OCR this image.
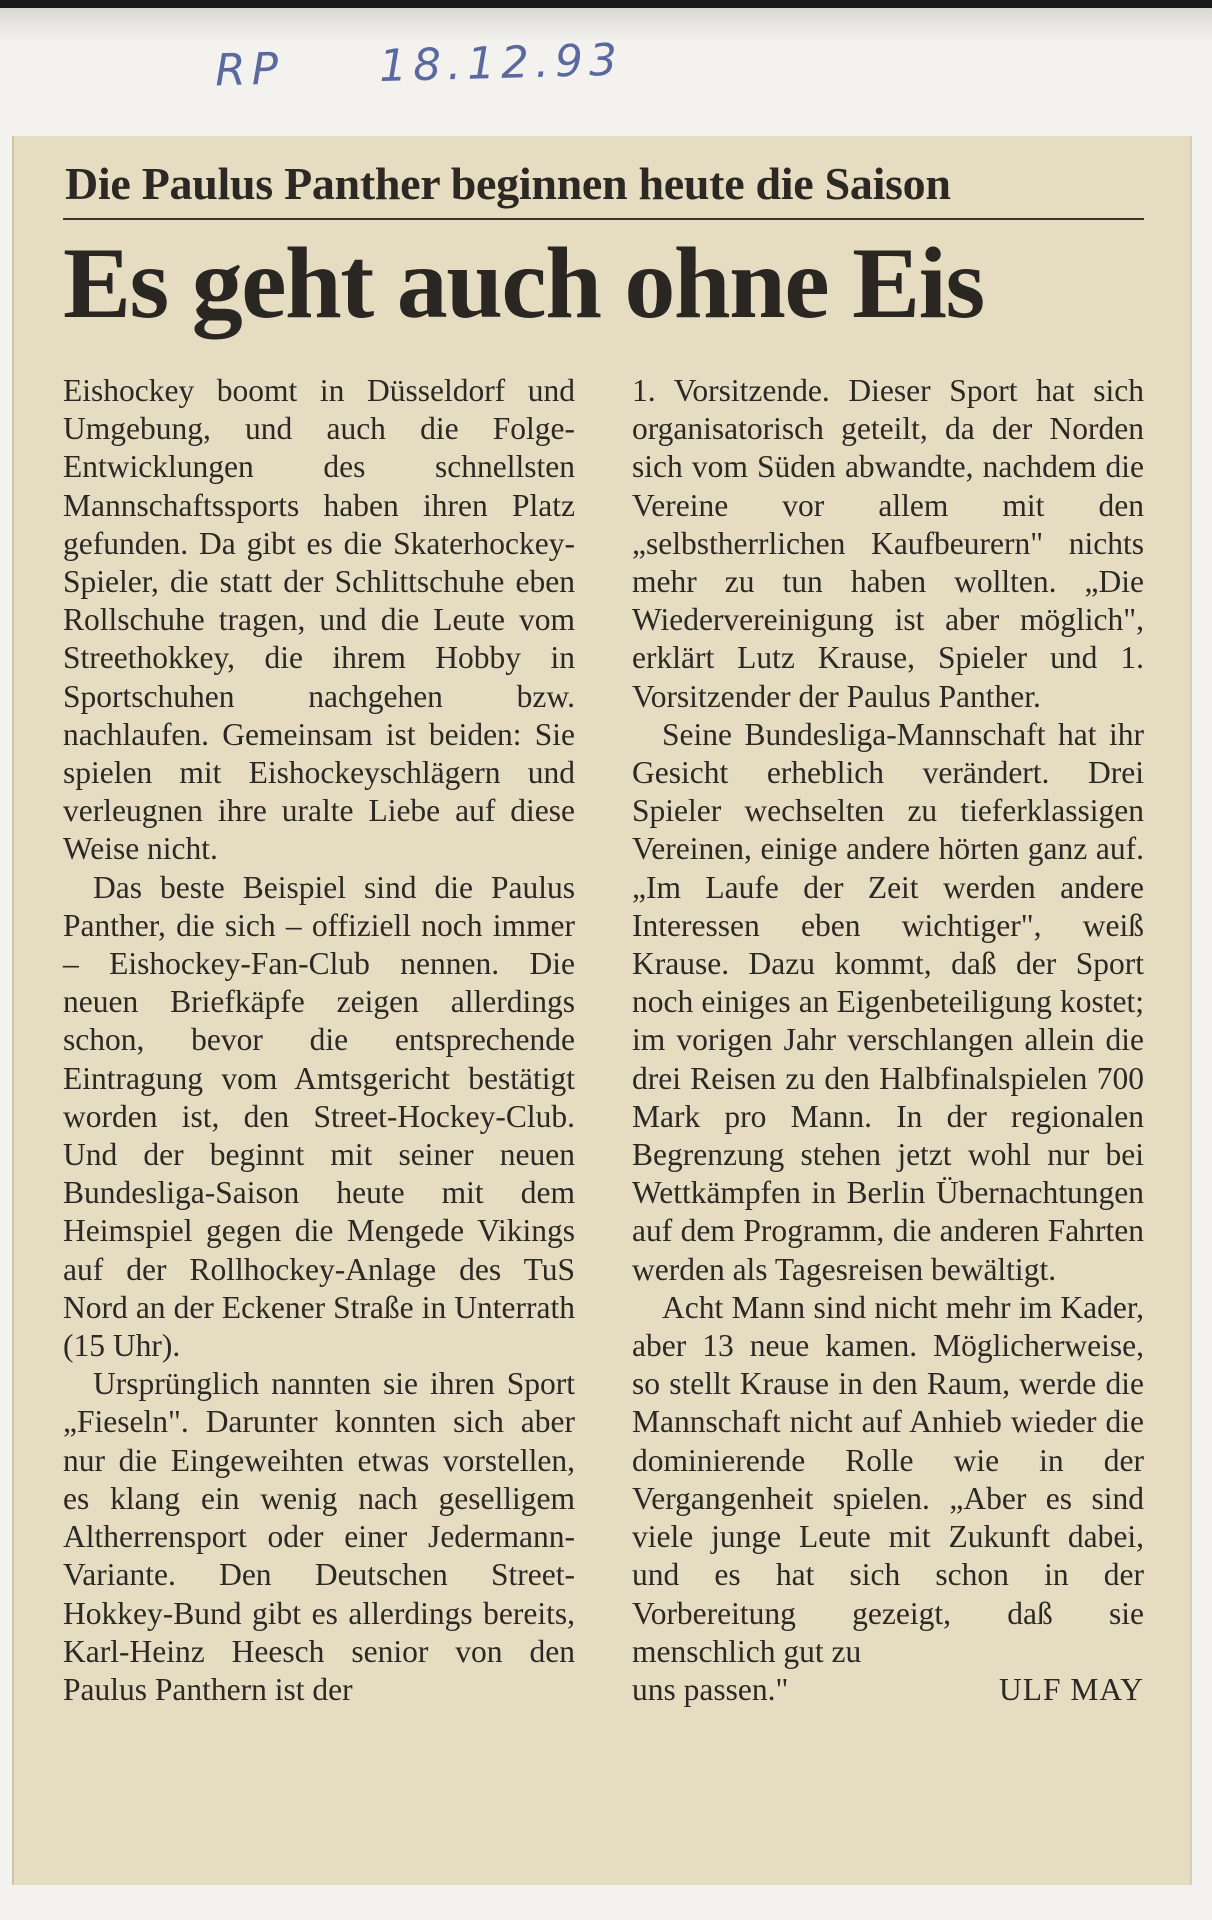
RP 18.12.93
Die Paulus Panther beginnen heute die Saison
Es geht auch ohne Eis

Eishockey boomt in Düsseldorf und Umgebung, und auch die Folge-Entwicklungen des schnellsten Mannschaftssports haben ihren Platz gefunden. Da gibt es die Skaterhockey-Spieler, die statt der Schlittschuhe eben Rollschuhe tragen, und die Leute vom Streethokkey, die ihrem Hobby in Sportschuhen nachgehen bzw. nachlaufen. Gemeinsam ist beiden: Sie spielen mit Eishockeyschlägern und verleugnen ihre uralte Liebe auf diese Weise nicht.

Das beste Beispiel sind die Paulus Panther, die sich – offiziell noch immer – Eishockey-Fan-Club nennen. Die neuen Briefkäpfe zeigen allerdings schon, bevor die entsprechende Eintragung vom Amtsgericht bestätigt worden ist, den Street-Hockey-Club. Und der beginnt mit seiner neuen Bundesliga-Saison heute mit dem Heimspiel gegen die Mengede Vikings auf der Rollhockey-Anlage des TuS Nord an der Eckener Straße in Unterrath (15 Uhr).

Ursprünglich nannten sie ihren Sport „Fieseln". Darunter konnten sich aber nur die Eingeweihten etwas vorstellen, es klang ein wenig nach geselligem Altherrensport oder einer Jedermann-Variante. Den Deutschen Street-Hokkey-Bund gibt es allerdings bereits, Karl-Heinz Heesch senior von den Paulus Panthern ist der

1. Vorsitzende. Dieser Sport hat sich organisatorisch geteilt, da der Norden sich vom Süden abwandte, nachdem die Vereine vor allem mit den „selbstherrlichen Kaufbeurern" nichts mehr zu tun haben wollten. „Die Wiedervereinigung ist aber möglich", erklärt Lutz Krause, Spieler und 1. Vorsitzender der Paulus Panther.

Seine Bundesliga-Mannschaft hat ihr Gesicht erheblich verändert. Drei Spieler wechselten zu tieferklassigen Vereinen, einige andere hörten ganz auf. „Im Laufe der Zeit werden andere Interessen eben wichtiger", weiß Krause. Dazu kommt, daß der Sport noch einiges an Eigenbeteiligung kostet; im vorigen Jahr verschlangen allein die drei Reisen zu den Halbfinalspielen 700 Mark pro Mann. In der regionalen Begrenzung stehen jetzt wohl nur bei Wettkämpfen in Berlin Übernachtungen auf dem Programm, die anderen Fahrten werden als Tagesreisen bewältigt.

Acht Mann sind nicht mehr im Kader, aber 13 neue kamen. Möglicherweise, so stellt Krause in den Raum, werde die Mannschaft nicht auf Anhieb wieder die dominierende Rolle wie in der Vergangenheit spielen. „Aber es sind viele junge Leute mit Zukunft dabei, und es hat sich schon in der Vorbereitung gezeigt, daß sie menschlich gut zu

uns passen."	ULF MAY
